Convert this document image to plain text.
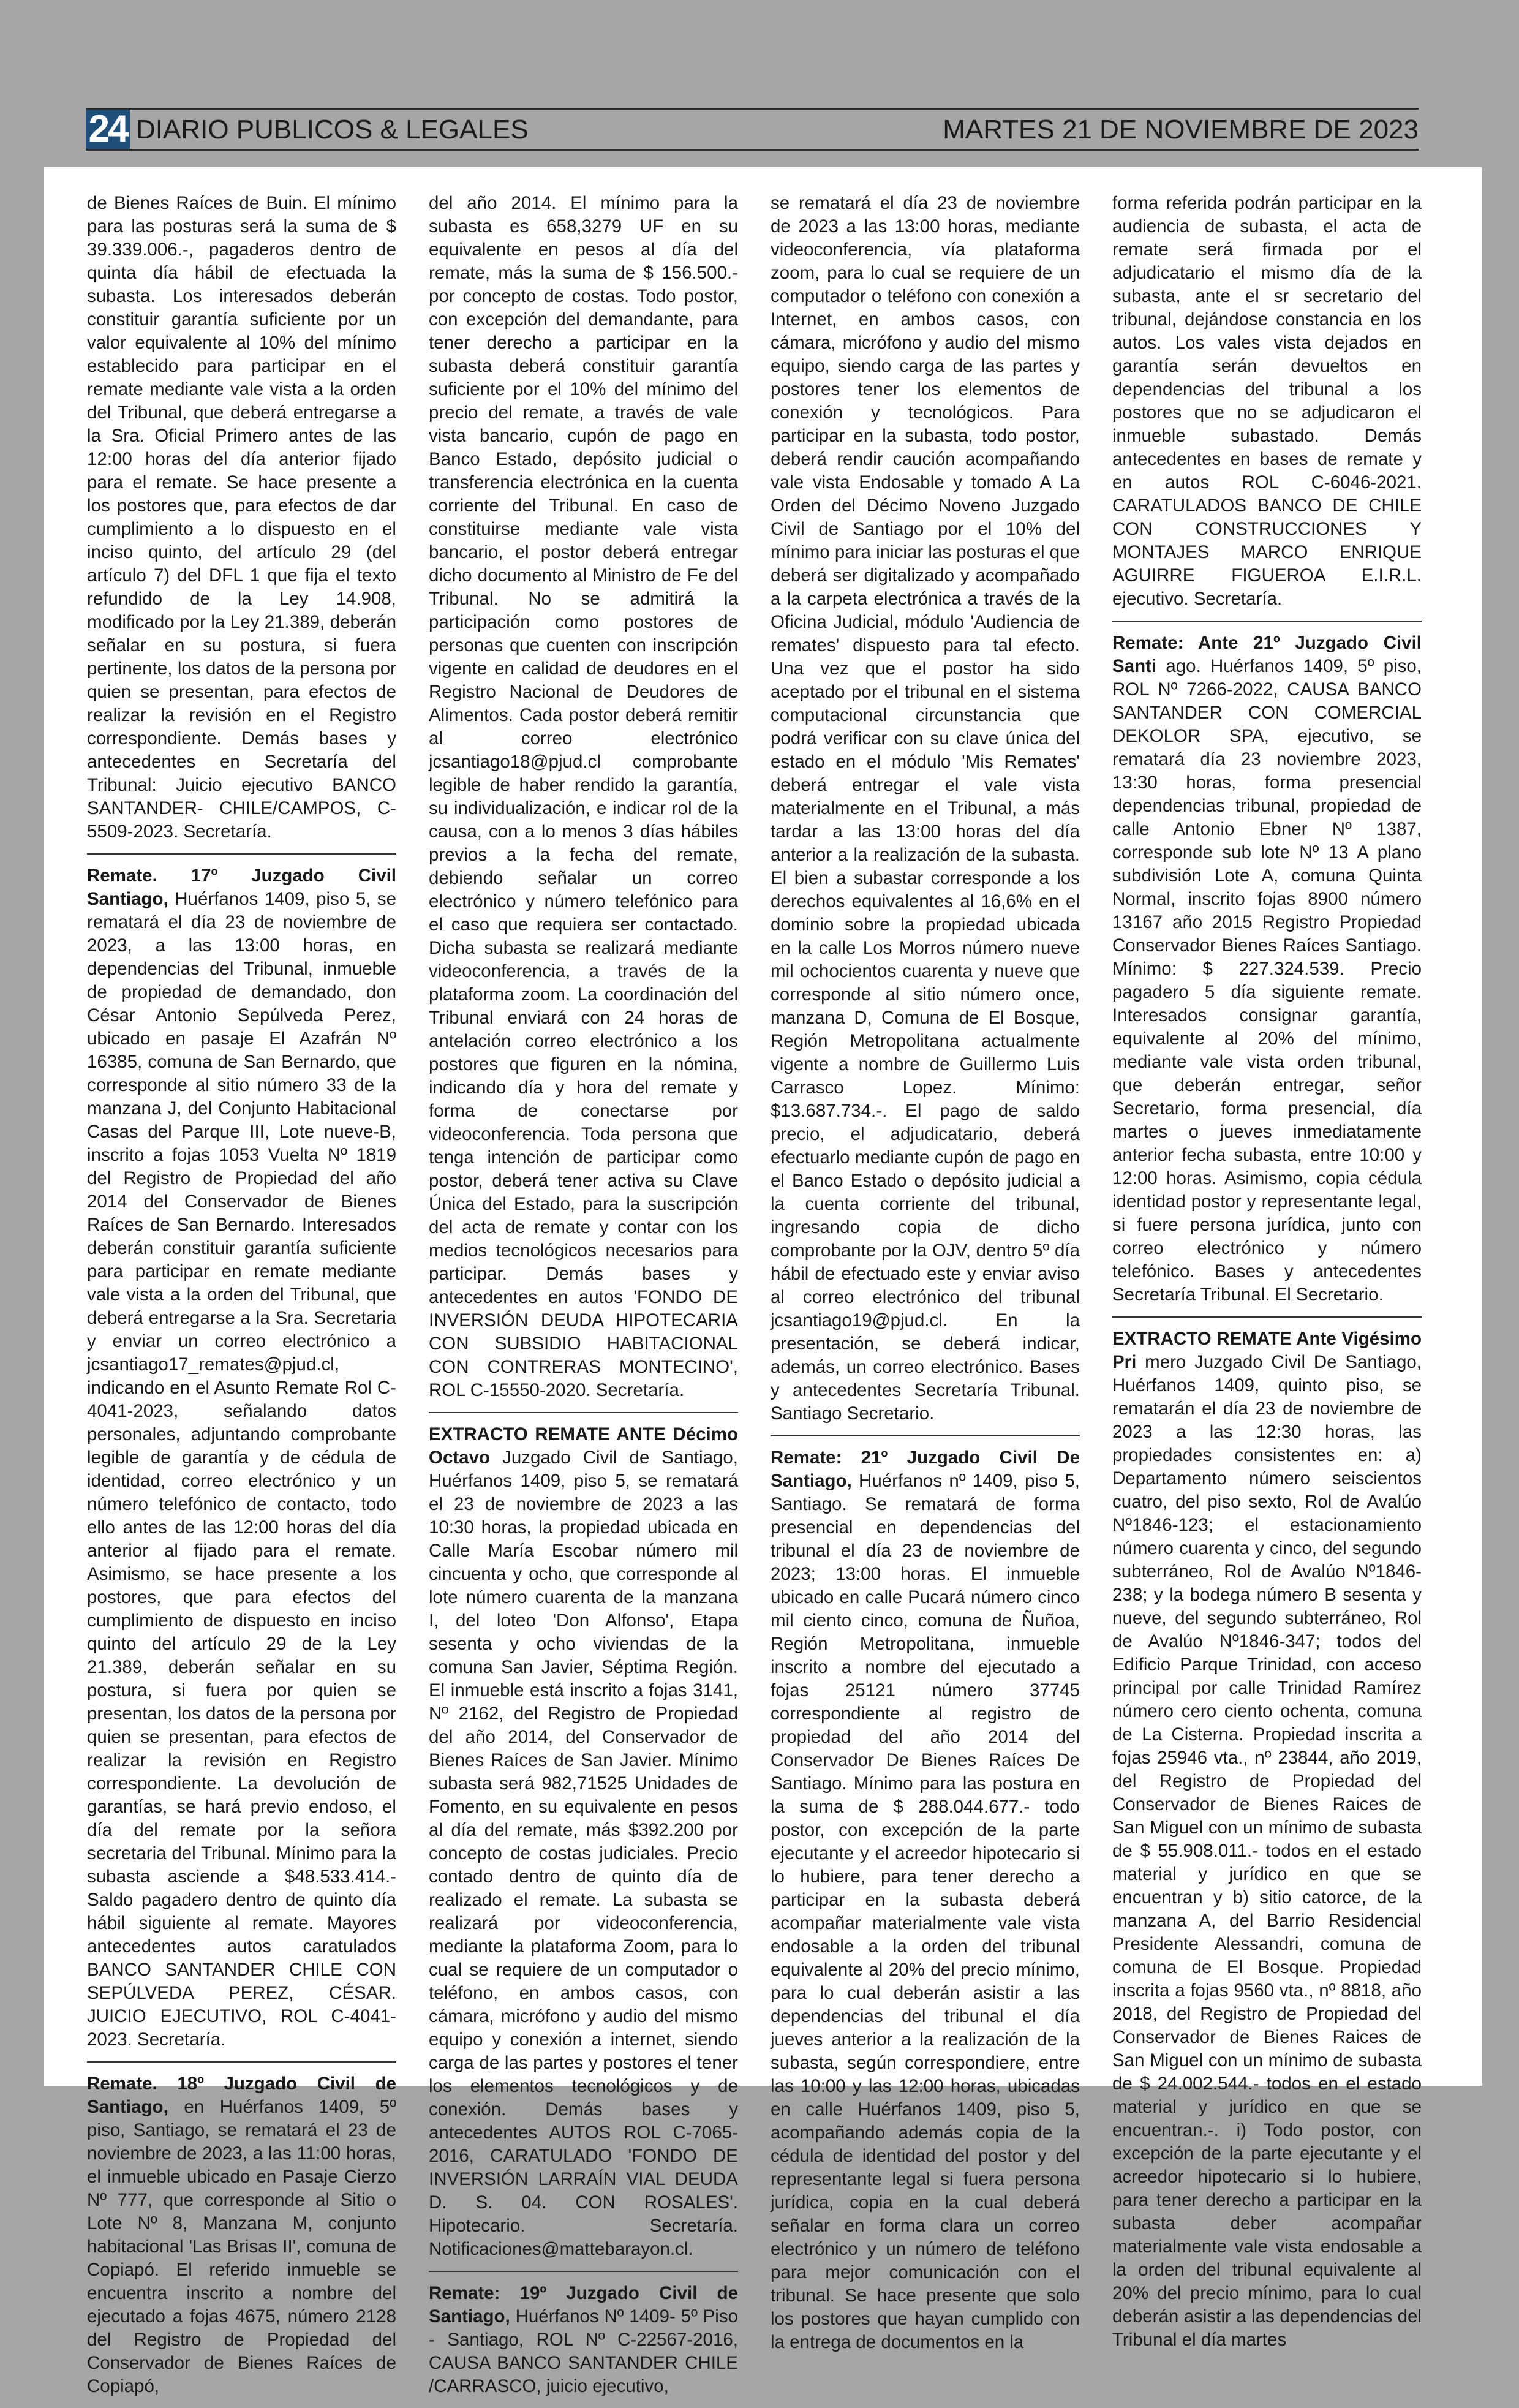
24 DIARIO PUBLICOS & LEGALES	MARTES 21 DE NOVIEMBRE DE 2023

de Bienes Raíces de Buin. El mínimo para las posturas será la suma de $ 39.339.006.-, pagaderos dentro de quinta día hábil de efectuada la subasta. Los interesados deberán constituir garantía suficiente por un valor equivalente al 10% del mínimo establecido para participar en el remate mediante vale vista a la orden del Tribunal, que deberá entregarse a la Sra. Oficial Primero antes de las 12:00 horas del día anterior fijado para el remate. Se hace presente a los postores que, para efectos de dar cumplimiento a lo dispuesto en el inciso quinto, del artículo 29 (del artículo 7) del DFL 1 que fija el texto refundido de la Ley 14.908, modificado por la Ley 21.389, deberán señalar en su postura, si fuera pertinente, los datos de la persona por quien se presentan, para efectos de realizar la revisión en el Registro correspondiente. Demás bases y antecedentes en Secretaría del Tribunal: Juicio ejecutivo BANCO SANTANDER- CHILE/CAMPOS, C-5509-2023. Secretaría.

Remate. 17º Juzgado Civil Santiago, Huérfanos 1409, piso 5, se rematará el día 23 de noviembre de 2023, a las 13:00 horas, en dependencias del Tribunal, inmueble de propiedad de demandado, don César Antonio Sepúlveda Perez, ubicado en pasaje El Azafrán Nº 16385, comuna de San Bernardo, que corresponde al sitio número 33 de la manzana J, del Conjunto Habitacional Casas del Parque III, Lote nueve-B, inscrito a fojas 1053 Vuelta Nº 1819 del Registro de Propiedad del año 2014 del Conservador de Bienes Raíces de San Bernardo. Interesados deberán constituir garantía suficiente para participar en remate mediante vale vista a la orden del Tribunal, que deberá entregarse a la Sra. Secretaria y enviar un correo electrónico a jcsantiago17_remates@pjud.cl, indicando en el Asunto Remate Rol C-4041-2023, señalando datos personales, adjuntando comprobante legible de garantía y de cédula de identidad, correo electrónico y un número telefónico de contacto, todo ello antes de las 12:00 horas del día anterior al fijado para el remate. Asimismo, se hace presente a los postores, que para efectos del cumplimiento de dispuesto en inciso quinto del artículo 29 de la Ley 21.389, deberán señalar en su postura, si fuera por quien se presentan, los datos de la persona por quien se presentan, para efectos de realizar la revisión en Registro correspondiente. La devolución de garantías, se hará previo endoso, el día del remate por la señora secretaria del Tribunal. Mínimo para la subasta asciende a $48.533.414.- Saldo pagadero dentro de quinto día hábil siguiente al remate. Mayores antecedentes autos caratulados BANCO SANTANDER CHILE CON SEPÚLVEDA PEREZ, CÉSAR. JUICIO EJECUTIVO, ROL C-4041-2023. Secretaría.

Remate. 18º Juzgado Civil de Santiago, en Huérfanos 1409, 5º piso, Santiago, se rematará el 23 de noviembre de 2023, a las 11:00 horas, el inmueble ubicado en Pasaje Cierzo Nº 777, que corresponde al Sitio o Lote Nº 8, Manzana M, conjunto habitacional 'Las Brisas II', comuna de Copiapó. El referido inmueble se encuentra inscrito a nombre del ejecutado a fojas 4675, número 2128 del Registro de Propiedad del Conservador de Bienes Raíces de Copiapó,

del año 2014. El mínimo para la subasta es 658,3279 UF en su equivalente en pesos al día del remate, más la suma de $ 156.500.- por concepto de costas. Todo postor, con excepción del demandante, para tener derecho a participar en la subasta deberá constituir garantía suficiente por el 10% del mínimo del precio del remate, a través de vale vista bancario, cupón de pago en Banco Estado, depósito judicial o transferencia electrónica en la cuenta corriente del Tribunal. En caso de constituirse mediante vale vista bancario, el postor deberá entregar dicho documento al Ministro de Fe del Tribunal. No se admitirá la participación como postores de personas que cuenten con inscripción vigente en calidad de deudores en el Registro Nacional de Deudores de Alimentos. Cada postor deberá remitir al correo electrónico jcsantiago18@pjud.cl comprobante legible de haber rendido la garantía, su individualización, e indicar rol de la causa, con a lo menos 3 días hábiles previos a la fecha del remate, debiendo señalar un correo electrónico y número telefónico para el caso que requiera ser contactado. Dicha subasta se realizará mediante videoconferencia, a través de la plataforma zoom. La coordinación del Tribunal enviará con 24 horas de antelación correo electrónico a los postores que figuren en la nómina, indicando día y hora del remate y forma de conectarse por videoconferencia. Toda persona que tenga intención de participar como postor, deberá tener activa su Clave Única del Estado, para la suscripción del acta de remate y contar con los medios tecnológicos necesarios para participar. Demás bases y antecedentes en autos 'FONDO DE INVERSIÓN DEUDA HIPOTECARIA CON SUBSIDIO HABITACIONAL CON CONTRERAS MONTECINO', ROL C-15550-2020. Secretaría.

EXTRACTO REMATE ANTE Décimo Octavo Juzgado Civil de Santiago, Huérfanos 1409, piso 5, se rematará el 23 de noviembre de 2023 a las 10:30 horas, la propiedad ubicada en Calle María Escobar número mil cincuenta y ocho, que corresponde al lote número cuarenta de la manzana I, del loteo 'Don Alfonso', Etapa sesenta y ocho viviendas de la comuna San Javier, Séptima Región. El inmueble está inscrito a fojas 3141, Nº 2162, del Registro de Propiedad del año 2014, del Conservador de Bienes Raíces de San Javier. Mínimo subasta será 982,71525 Unidades de Fomento, en su equivalente en pesos al día del remate, más $392.200 por concepto de costas judiciales. Precio contado dentro de quinto día de realizado el remate. La subasta se realizará por videoconferencia, mediante la plataforma Zoom, para lo cual se requiere de un computador o teléfono, en ambos casos, con cámara, micrófono y audio del mismo equipo y conexión a internet, siendo carga de las partes y postores el tener los elementos tecnológicos y de conexión. Demás bases y antecedentes AUTOS ROL C-7065-2016, CARATULADO 'FONDO DE INVERSIÓN LARRAÍN VIAL DEUDA D. S. 04. CON ROSALES'. Hipotecario. Secretaría. Notificaciones@mattebarayon.cl.

Remate: 19º Juzgado Civil de Santiago, Huérfanos Nº 1409- 5º Piso - Santiago, ROL Nº C-22567-2016, CAUSA BANCO SANTANDER CHILE /CARRASCO, juicio ejecutivo,

se rematará el día 23 de noviembre de 2023 a las 13:00 horas, mediante videoconferencia, vía plataforma zoom, para lo cual se requiere de un computador o teléfono con conexión a Internet, en ambos casos, con cámara, micrófono y audio del mismo equipo, siendo carga de las partes y postores tener los elementos de conexión y tecnológicos. Para participar en la subasta, todo postor, deberá rendir caución acompañando vale vista Endosable y tomado A La Orden del Décimo Noveno Juzgado Civil de Santiago por el 10% del mínimo para iniciar las posturas el que deberá ser digitalizado y acompañado a la carpeta electrónica a través de la Oficina Judicial, módulo 'Audiencia de remates' dispuesto para tal efecto. Una vez que el postor ha sido aceptado por el tribunal en el sistema computacional circunstancia que podrá verificar con su clave única del estado en el módulo 'Mis Remates' deberá entregar el vale vista materialmente en el Tribunal, a más tardar a las 13:00 horas del día anterior a la realización de la subasta. El bien a subastar corresponde a los derechos equivalentes al 16,6% en el dominio sobre la propiedad ubicada en la calle Los Morros número nueve mil ochocientos cuarenta y nueve que corresponde al sitio número once, manzana D, Comuna de El Bosque, Región Metropolitana actualmente vigente a nombre de Guillermo Luis Carrasco Lopez. Mínimo: $13.687.734.-. El pago de saldo precio, el adjudicatario, deberá efectuarlo mediante cupón de pago en el Banco Estado o depósito judicial a la cuenta corriente del tribunal, ingresando copia de dicho comprobante por la OJV, dentro 5º día hábil de efectuado este y enviar aviso al correo electrónico del tribunal jcsantiago19@pjud.cl. En la presentación, se deberá indicar, además, un correo electrónico. Bases y antecedentes Secretaría Tribunal. Santiago Secretario.

Remate: 21º Juzgado Civil De Santiago, Huérfanos nº 1409, piso 5, Santiago. Se rematará de forma presencial en dependencias del tribunal el día 23 de noviembre de 2023; 13:00 horas. El inmueble ubicado en calle Pucará número cinco mil ciento cinco, comuna de Ñuñoa, Región Metropolitana, inmueble inscrito a nombre del ejecutado a fojas 25121 número 37745 correspondiente al registro de propiedad del año 2014 del Conservador De Bienes Raíces De Santiago. Mínimo para las postura en la suma de $ 288.044.677.- todo postor, con excepción de la parte ejecutante y el acreedor hipotecario si lo hubiere, para tener derecho a participar en la subasta deberá acompañar materialmente vale vista endosable a la orden del tribunal equivalente al 20% del precio mínimo, para lo cual deberán asistir a las dependencias del tribunal el día jueves anterior a la realización de la subasta, según correspondiere, entre las 10:00 y las 12:00 horas, ubicadas en calle Huérfanos 1409, piso 5, acompañando además copia de la cédula de identidad del postor y del representante legal si fuera persona jurídica, copia en la cual deberá señalar en forma clara un correo electrónico y un número de teléfono para mejor comunicación con el tribunal. Se hace presente que solo los postores que hayan cumplido con la entrega de documentos en la

forma referida podrán participar en la audiencia de subasta, el acta de remate será firmada por el adjudicatario el mismo día de la subasta, ante el sr secretario del tribunal, dejándose constancia en los autos. Los vales vista dejados en garantía serán devueltos en dependencias del tribunal a los postores que no se adjudicaron el inmueble subastado. Demás antecedentes en bases de remate y en autos ROL C-6046-2021. CARATULADOS BANCO DE CHILE CON CONSTRUCCIONES Y MONTAJES MARCO ENRIQUE AGUIRRE FIGUEROA E.I.R.L. ejecutivo. Secretaría.

Remate: Ante 21º Juzgado Civil Santi ago. Huérfanos 1409, 5º piso, ROL Nº 7266-2022, CAUSA BANCO SANTANDER CON COMERCIAL DEKOLOR SPA, ejecutivo, se rematará día 23 noviembre 2023, 13:30 horas, forma presencial dependencias tribunal, propiedad de calle Antonio Ebner Nº 1387, corresponde sub lote Nº 13 A plano subdivisión Lote A, comuna Quinta Normal, inscrito fojas 8900 número 13167 año 2015 Registro Propiedad Conservador Bienes Raíces Santiago. Mínimo: $ 227.324.539. Precio pagadero 5 día siguiente remate. Interesados consignar garantía, equivalente al 20% del mínimo, mediante vale vista orden tribunal, que deberán entregar, señor Secretario, forma presencial, día martes o jueves inmediatamente anterior fecha subasta, entre 10:00 y 12:00 horas. Asimismo, copia cédula identidad postor y representante legal, si fuere persona jurídica, junto con correo electrónico y número telefónico. Bases y antecedentes Secretaría Tribunal. El Secretario.

EXTRACTO REMATE Ante Vigésimo Pri mero Juzgado Civil De Santiago, Huérfanos 1409, quinto piso, se rematarán el día 23 de noviembre de 2023 a las 12:30 horas, las propiedades consistentes en: a) Departamento número seiscientos cuatro, del piso sexto, Rol de Avalúo Nº1846-123; el estacionamiento número cuarenta y cinco, del segundo subterráneo, Rol de Avalúo Nº1846-238; y la bodega número B sesenta y nueve, del segundo subterráneo, Rol de Avalúo Nº1846-347; todos del Edificio Parque Trinidad, con acceso principal por calle Trinidad Ramírez número cero ciento ochenta, comuna de La Cisterna. Propiedad inscrita a fojas 25946 vta., nº 23844, año 2019, del Registro de Propiedad del Conservador de Bienes Raices de San Miguel con un mínimo de subasta de $ 55.908.011.- todos en el estado material y jurídico en que se encuentran y b) sitio catorce, de la manzana A, del Barrio Residencial Presidente Alessandri, comuna de comuna de El Bosque. Propiedad inscrita a fojas 9560 vta., nº 8818, año 2018, del Registro de Propiedad del Conservador de Bienes Raices de San Miguel con un mínimo de subasta de $ 24.002.544.- todos en el estado material y jurídico en que se encuentran.-. i) Todo postor, con excepción de la parte ejecutante y el acreedor hipotecario si lo hubiere, para tener derecho a participar en la subasta deber acompañar materialmente vale vista endosable a la orden del tribunal equivalente al 20% del precio mínimo, para lo cual deberán asistir a las dependencias del Tribunal el día martes
